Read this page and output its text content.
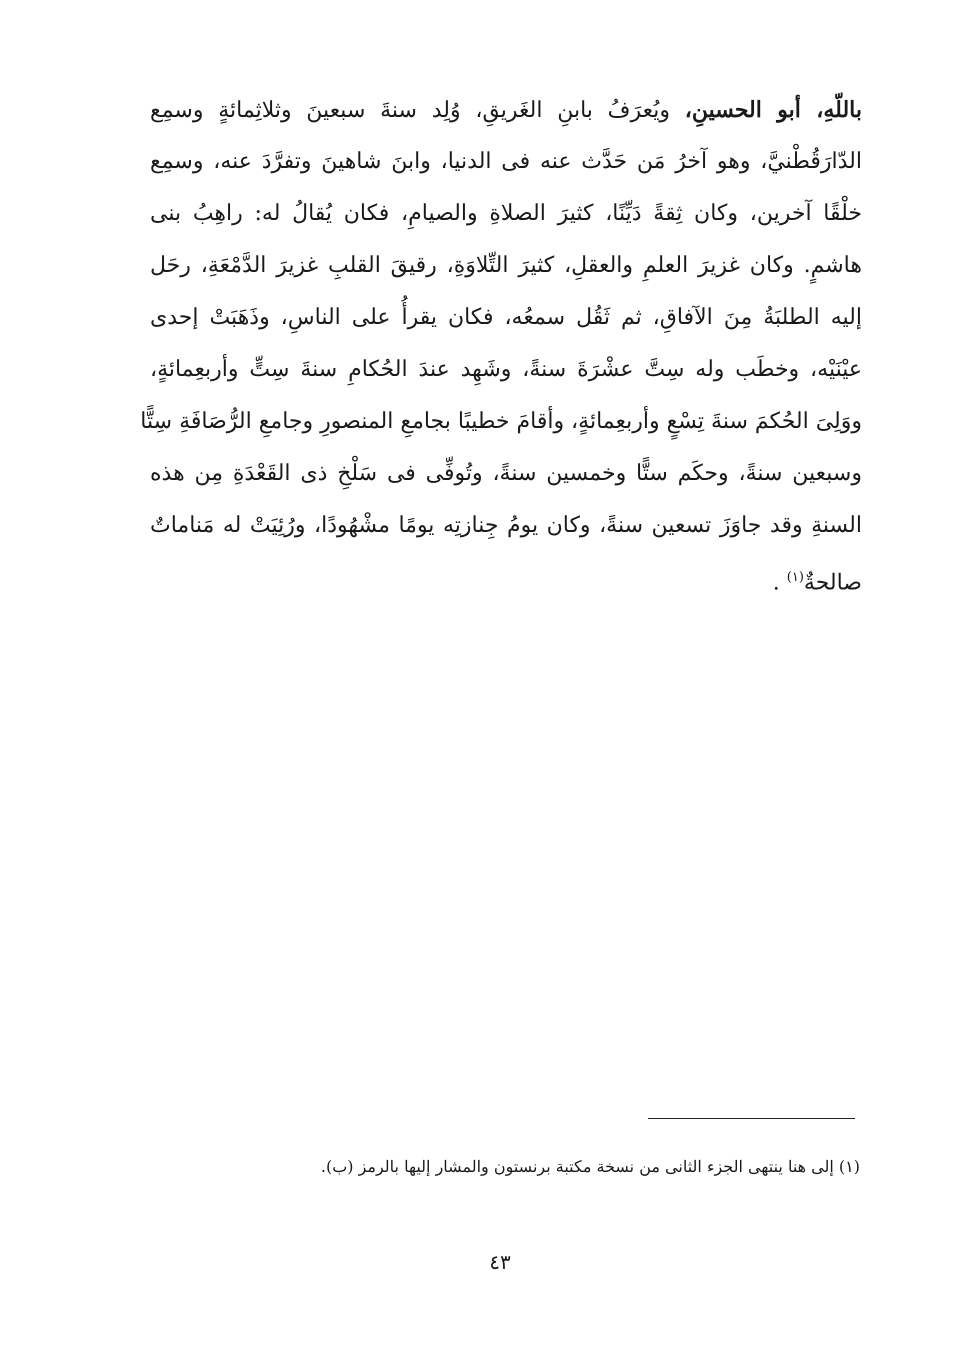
باللّهِ، أبو الحسينِ، ويُعرَفُ بابنِ الغَريقِ، وُلِد سنةَ سبعينَ وثلاثِمائةٍ وسمِع
الدّارَقُطْنيَّ، وهو آخرُ مَن حَدَّث عنه فى الدنيا، وابنَ شاهينَ وتفرَّدَ عنه، وسمِع
خلْقًا آخرين، وكان ثِقةً دَيِّنًا، كثيرَ الصلاةِ والصيامِ، فكان يُقالُ له: راهِبُ بنى
هاشمٍ. وكان غزيرَ العلمِ والعقلِ، كثيرَ التِّلاوَةِ، رقيقَ القلبِ غزيرَ الدَّمْعَةِ، رحَل
إليه الطلبَةُ مِنَ الآفاقِ، ثم ثَقُل سمعُه، فكان يقرأُ على الناسِ، وذَهَبَتْ إحدى
عيْنَيْه، وخطَب وله سِتَّ عشْرَةَ سنةً، وشَهِد عندَ الحُكامِ سنةَ سِتٍّ وأربعِمائةٍ،
ووَلِىَ الحُكمَ سنةَ تِسْعٍ وأربعِمائةٍ، وأقامَ خطيبًا بجامعِ المنصورِ وجامعِ الرُّصَافَةِ سِتًّا
وسبعين سنةً، وحكَم ستًّا وخمسين سنةً، وتُوفِّى فى سَلْخِ ذى القَعْدَةِ مِن هذه
السنةِ وقد جاوَزَ تسعين سنةً، وكان يومُ جِنازتِه يومًا مشْهُودًا، ورُئِيَتْ له مَناماتٌ
صالحةٌ$^{(١)}$ .
(١) إلى هنا ينتهى الجزء الثانى من نسخة مكتبة برنستون والمشار إليها بالرمز (ب).
٤٣
